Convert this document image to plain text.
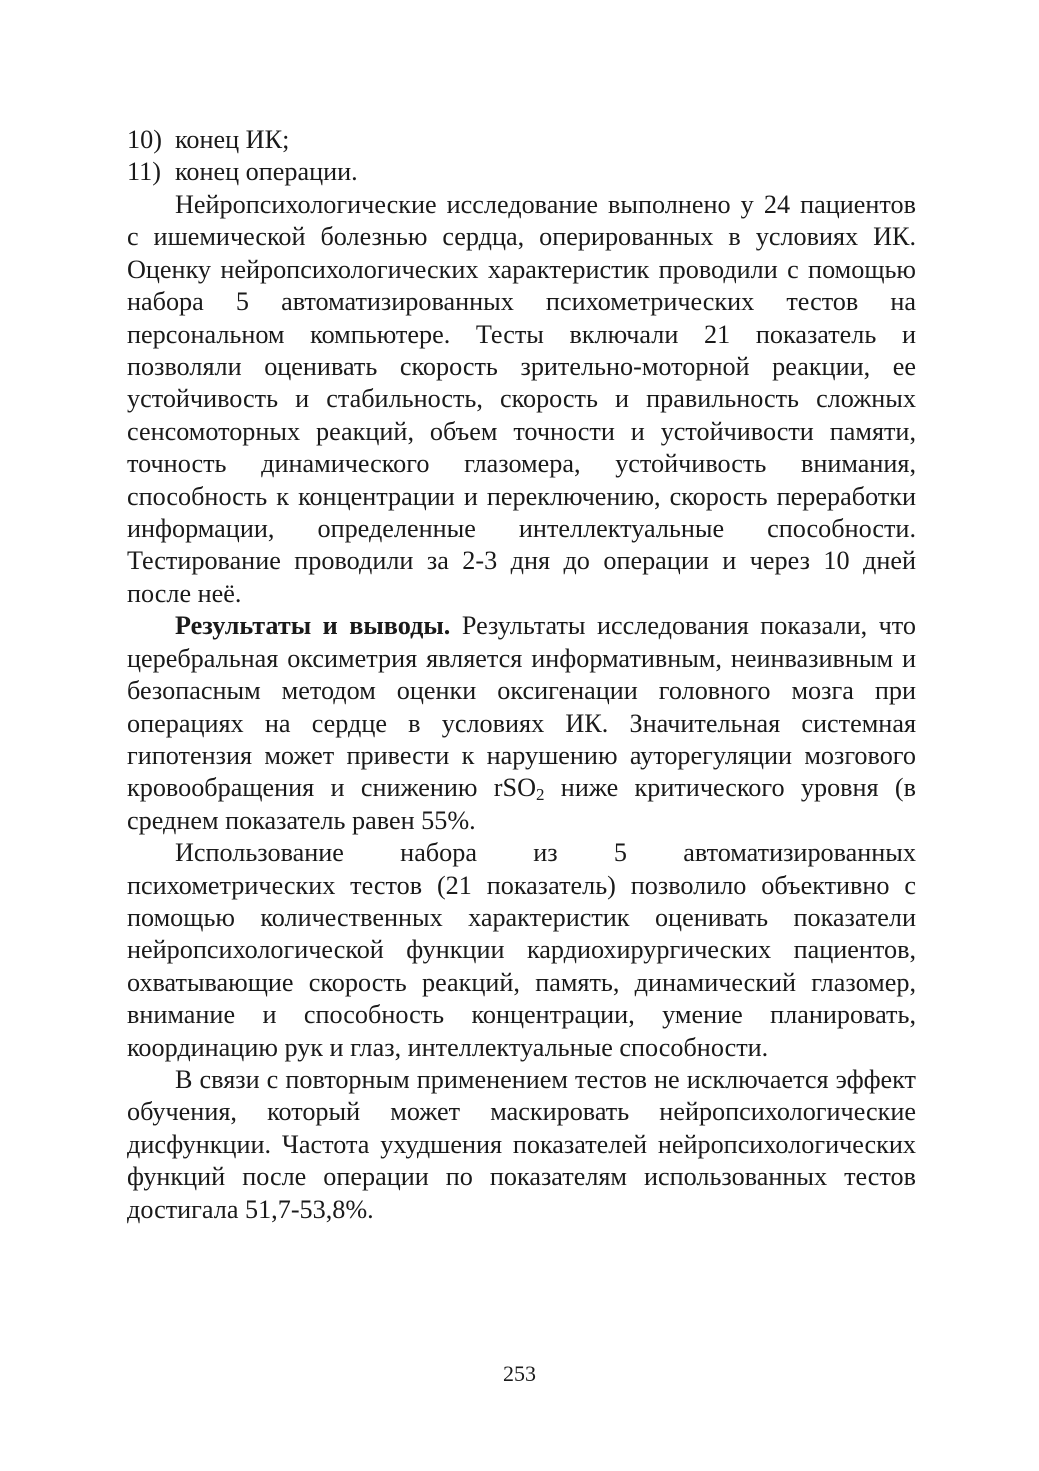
10) конец ИК;
11) конец операции.

Нейропсихологические исследование выполнено у 24 пациентов с ишемической болезнью сердца, оперированных в условиях ИК. Оценку нейропсихологических характеристик проводили с помощью набора 5 автоматизированных психометрических тестов на персональном компьютере. Тесты включали 21 показатель и позволяли оценивать скорость зрительно-моторной реакции, ее устойчивость и стабильность, скорость и правильность сложных сенсомоторных реакций, объем точности и устойчивости памяти, точность динамического глазомера, устойчивость внимания, способность к концентрации и переключению, скорость переработки информации, определенные интеллектуальные способности. Тестирование проводили за 2-3 дня до операции и через 10 дней после неё.

Результаты и выводы. Результаты исследования показали, что церебральная оксиметрия является информативным, неинвазивным и безопасным методом оценки оксигенации головного мозга при операциях на сердце в условиях ИК. Значительная системная гипотензия может привести к нарушению ауторегуляции мозгового кровообращения и снижению rSO$_2$ ниже критического уровня (в среднем показатель равен 55%.

Использование набора из 5 автоматизированных психометрических тестов (21 показатель) позволило объективно с помощью количественных характеристик оценивать показатели нейропсихологической функции кардиохирургических пациентов, охватывающие скорость реакций, память, динамический глазомер, внимание и способность концентрации, умение планировать, координацию рук и глаз, интеллектуальные способности.

В связи с повторным применением тестов не исключается эффект обучения, который может маскировать нейропсихологические дисфункции. Частота ухудшения показателей нейропсихологических функций после операции по показателям использованных тестов достигала 51,7-53,8%.

253
